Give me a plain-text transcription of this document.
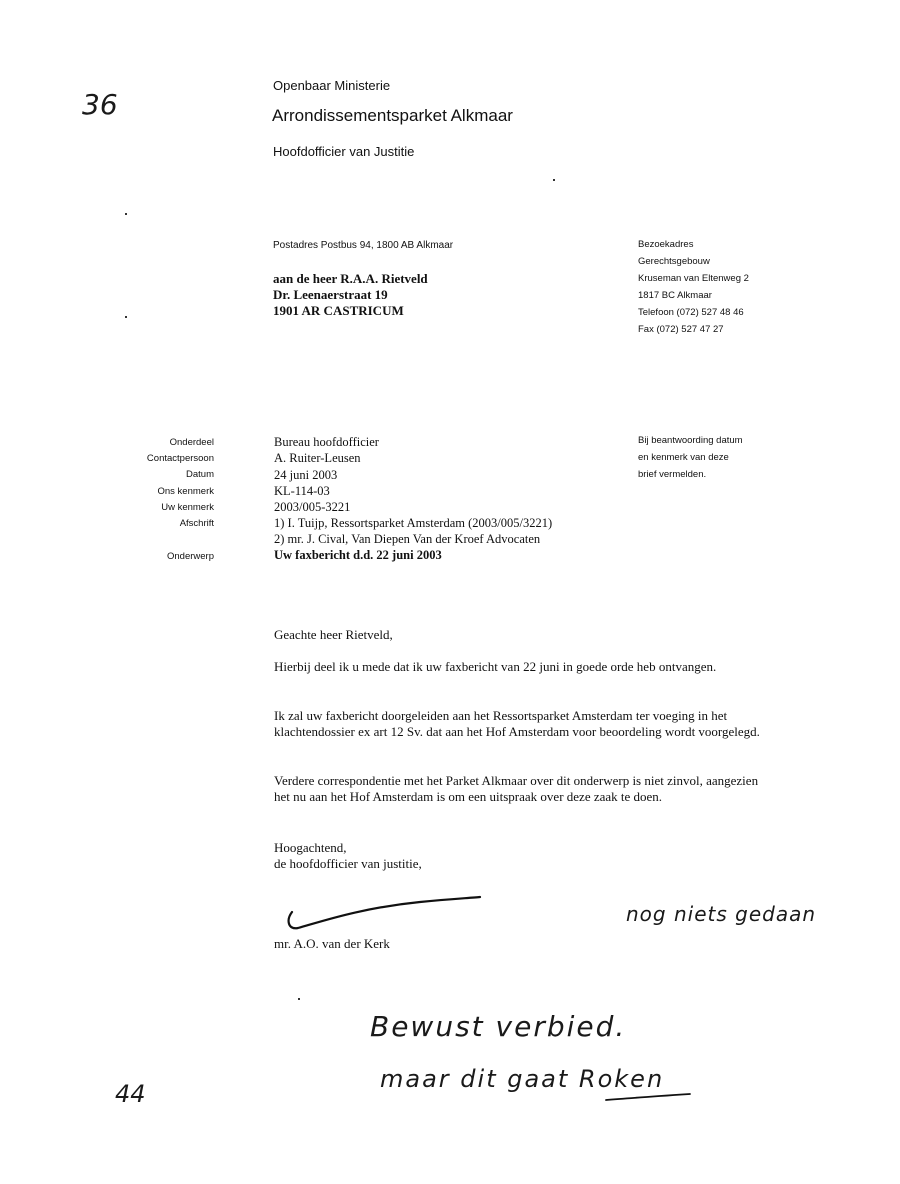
36
44
Openbaar Ministerie
Arrondissementsparket Alkmaar
Hoofdofficier van Justitie
Postadres Postbus 94, 1800 AB Alkmaar
aan de heer R.A.A. Rietveld
Dr. Leenaerstraat 19
1901 AR CASTRICUM
Bezoekadres
Gerechtsgebouw
Kruseman van Eltenweg 2
1817 BC Alkmaar
Telefoon (072) 527 48 46
Fax (072) 527 47 27
Bij beantwoording datum
en kenmerk van deze
brief vermelden.
Onderdeel
Contactpersoon
Datum
Ons kenmerk
Uw kenmerk
Afschrift
Onderwerp
Bureau hoofdofficier
A. Ruiter-Leusen
24 juni 2003
KL-114-03
2003/005-3221
1) I. Tuijp, Ressortsparket Amsterdam (2003/005/3221)
2) mr. J. Cival, Van Diepen Van der Kroef Advocaten
Uw faxbericht d.d. 22 juni 2003
Geachte heer Rietveld,
Hierbij deel ik u mede dat ik uw faxbericht van 22 juni in goede orde heb ontvangen.
Ik zal uw faxbericht doorgeleiden aan het Ressortsparket Amsterdam ter voeging in het klachtendossier ex art 12 Sv. dat aan het Hof Amsterdam voor beoordeling wordt voorgelegd.
Verdere correspondentie met het Parket Alkmaar over dit onderwerp is niet zinvol, aangezien het nu aan het Hof Amsterdam is om een uitspraak over deze zaak te doen.
Hoogachtend,
de hoofdofficier van justitie,
mr. A.O. van der Kerk
nog niets gedaan
Bewust verbied.
maar dit gaat Roken
